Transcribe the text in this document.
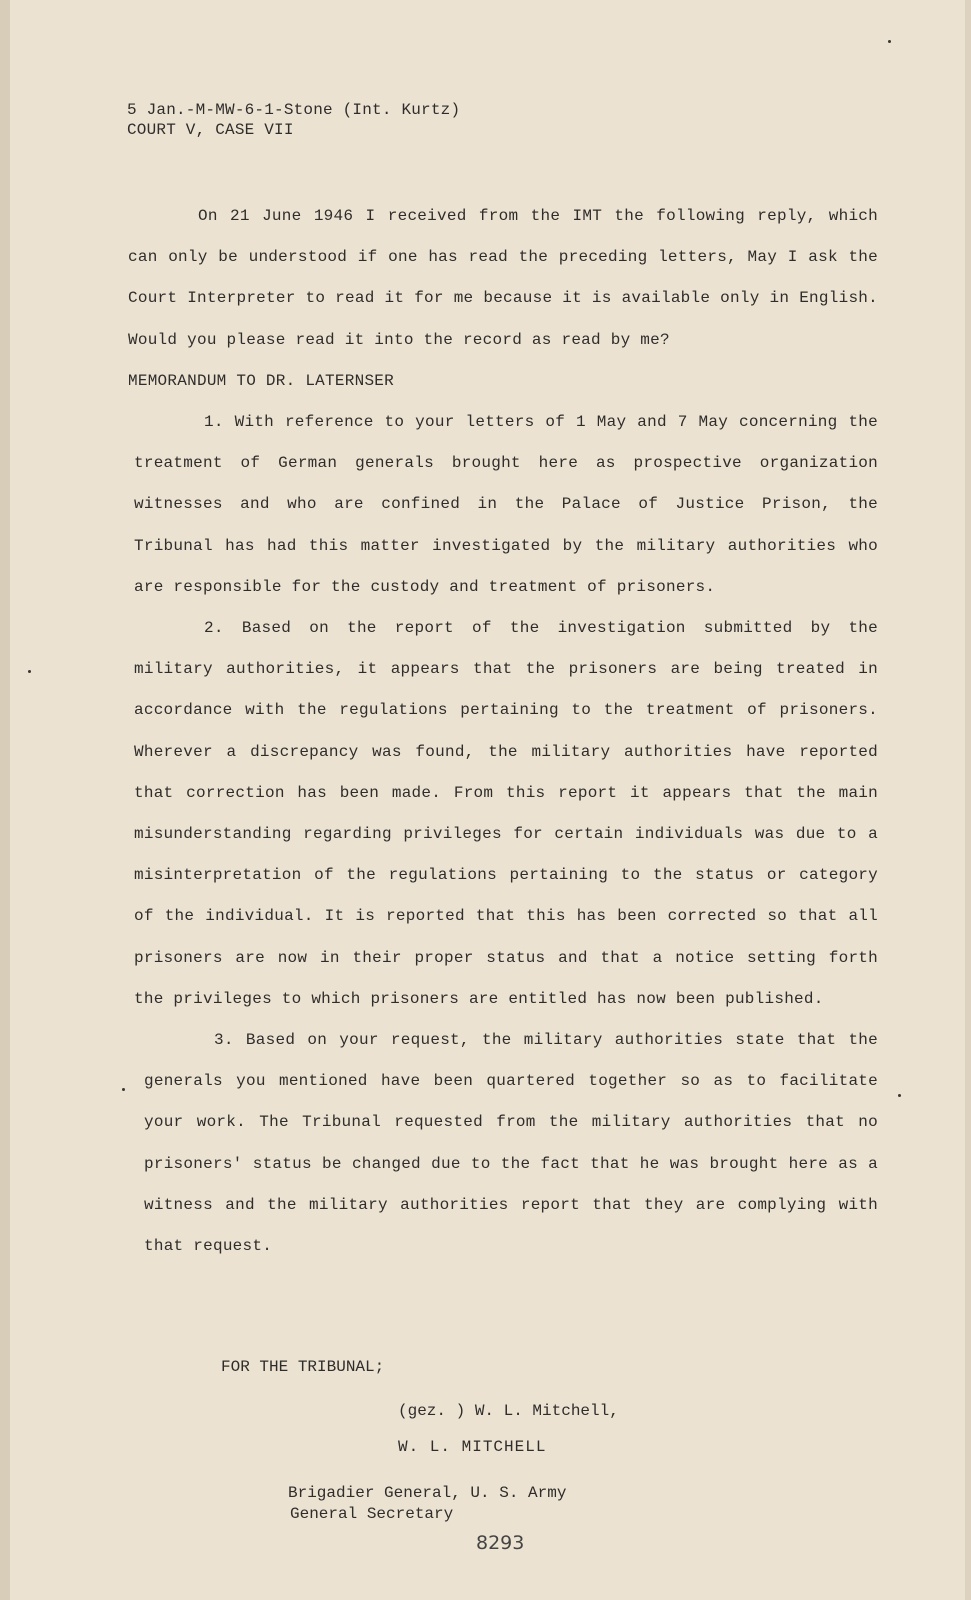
5 Jan.-M-MW-6-1-Stone (Int. Kurtz)
COURT V, CASE VII

On 21 June 1946 I received from the IMT the following reply, which can only be understood if one has read the preceding letters, May I ask the Court Interpreter to read it for me because it is available only in English. Would you please read it into the record as read by me?

MEMORANDUM TO DR. LATERNSER

1. With reference to your letters of 1 May and 7 May concerning the treatment of German generals brought here as prospective organization witnesses and who are confined in the Palace of Justice Prison, the Tribunal has had this matter investigated by the military authorities who are responsible for the custody and treatment of prisoners.

2. Based on the report of the investigation submitted by the military authorities, it appears that the prisoners are being treated in accordance with the regulations pertaining to the treatment of prisoners. Wherever a discrepancy was found, the military authorities have reported that correction has been made. From this report it appears that the main misunderstanding regarding privileges for certain individuals was due to a misinterpretation of the regulations pertaining to the status or category of the individual. It is reported that this has been corrected so that all prisoners are now in their proper status and that a notice setting forth the privileges to which prisoners are entitled has now been published.

3. Based on your request, the military authorities state that the generals you mentioned have been quartered together so as to facilitate your work. The Tribunal requested from the military authorities that no prisoners' status be changed due to the fact that he was brought here as a witness and the military authorities report that they are complying with that request.

FOR THE TRIBUNAL;
(gez. ) W. L. Mitchell,
W. L. MITCHELL
Brigadier General, U. S. Army
General Secretary
8293
